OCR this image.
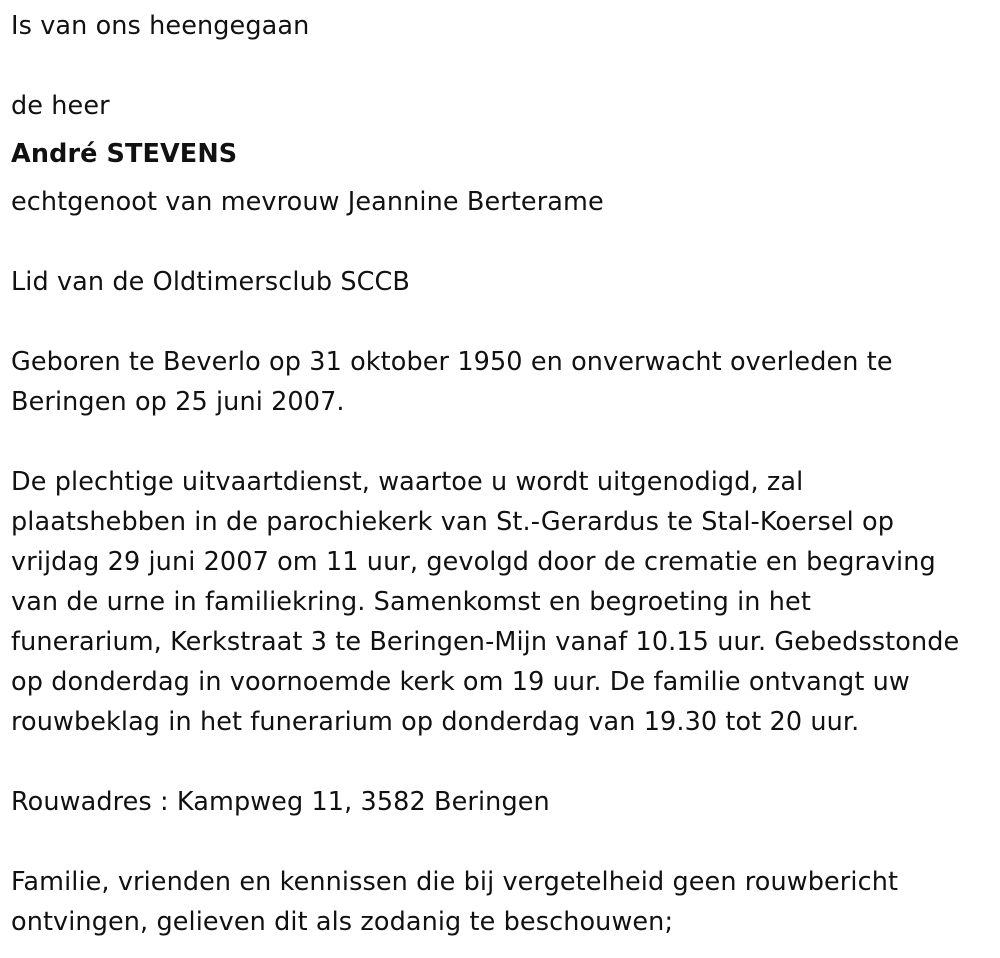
Is van ons heengegaan

de heer

André STEVENS

echtgenoot van mevrouw Jeannine Berterame

Lid van de Oldtimersclub SCCB

Geboren te Beverlo op 31 oktober 1950 en onverwacht overleden te
Beringen op 25 juni 2007.

De plechtige uitvaartdienst, waartoe u wordt uitgenodigd, zal
plaatshebben in de parochiekerk van St.-Gerardus te Stal-Koersel op
vrijdag 29 juni 2007 om 11 uur, gevolgd door de crematie en begraving
van de urne in familiekring. Samenkomst en begroeting in het
funerarium, Kerkstraat 3 te Beringen-Mijn vanaf 10.15 uur. Gebedsstonde
op donderdag in voornoemde kerk om 19 uur. De familie ontvangt uw
rouwbeklag in het funerarium op donderdag van 19.30 tot 20 uur.

Rouwadres : Kampweg 11, 3582 Beringen

Familie, vrienden en kennissen die bij vergetelheid geen rouwbericht
ontvingen, gelieven dit als zodanig te beschouwen;
